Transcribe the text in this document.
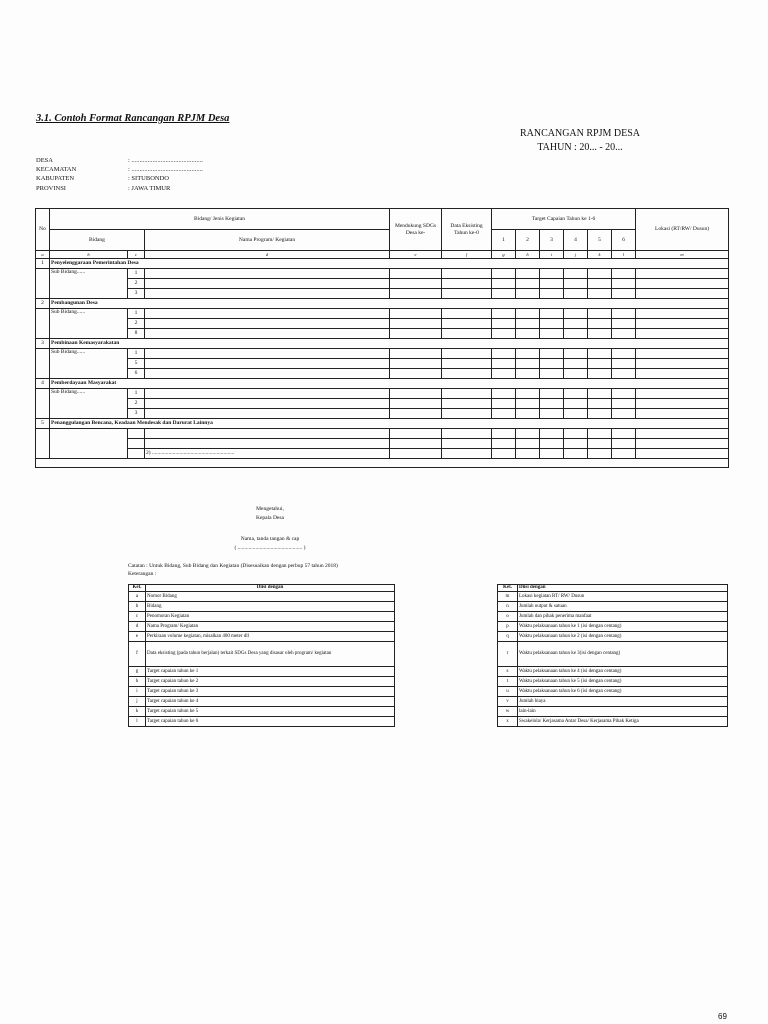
3.1. Contoh Format Rancangan RPJM Desa
RANCANGAN RPJM DESA
TAHUN : 20... - 20...
DESA	: ............................................
KECAMATAN	: ............................................
KABUPATEN	: SITUBONDO
PROVINSI	: JAWA TIMUR
No	Bidang/ Jenis Kegiatan			Mendukung SDGs Desa ke-	Data Eksisting Tahun ke-0	Target Capaian Tahun ke 1-6						Lokasi (RT/RW/ Dusun)
	Bidang		Nama Program/ Kegiatan			1	2	3	4	5	6	
a	b	c	d	e	f	g	h	i	j	k	l	m
1	Penyelenggaraan Pemerintahan Desa											
	Sub Bidang......	1										
		2										
		3										
2	Pembangunan Desa											
	Sub Bidang......	1										
		2										
		8										
3	Pembinaan Kemasyarakatan											
	Sub Bidang......	1										
		5										
		6										
4	Pemberdayaan Masyarakat											
	Sub Bidang......	1										
		2										
		3										
5	Penanggulangan Bencana, Keadaan Mendesak dan Darurat Lainnya											

			2) ............................................................									

Mengetahui,
Kepala Desa
Nama, tanda tangan & cap
( ............................................... )
Catatan : Untuk Bidang, Sub Bidang dan Kegiatan (Disesuaikan dengan perbup 57 tahun 2018)
Keterangan :
Ket.	Diisi dengan
a	Nomor Bidang
b	Bidang
c	Penomoran Kegiatan
d	Nama Program/ Kegiatan
e	Perkiraan volume kegiatan, misalkan 400 meter dll
f	Data eksisting (pada tahun berjalan) terkait SDGs Desa yang disasar oleh program/ kegiatan
g	Target capaian tahun ke 1
h	Target capaian tahun ke 2
i	Target capaian tahun ke 3
j	Target capaian tahun ke 4
k	Target capaian tahun ke 5
l	Target capaian tahun ke 6
Ket.	Diisi dengan
m	Lokasi kegiatan RT/ RW/ Dusun
n	Jumlah output & satuan
o	Jumlah dan pihak penerima manfaat
p	Waktu pelaksanaan tahun ke 1 (isi dengan centang)
q	Waktu pelaksanaan tahun ke 2 (isi dengan centang)
r	Waktu pelaksanaan tahun ke 3(isi dengan centang)
s	Waktu pelaksanaan tahun ke 4 (isi dengan centang)
t	Waktu pelaksanaan tahun ke 5 (isi dengan centang)
u	Waktu pelaksanaan tahun ke 6 (isi dengan centang)
v	Jumlah biaya
w	lain-lain
x	Swakelola/ Kerjasama Antar Desa/ Kerjasama Pihak Ketiga
69
